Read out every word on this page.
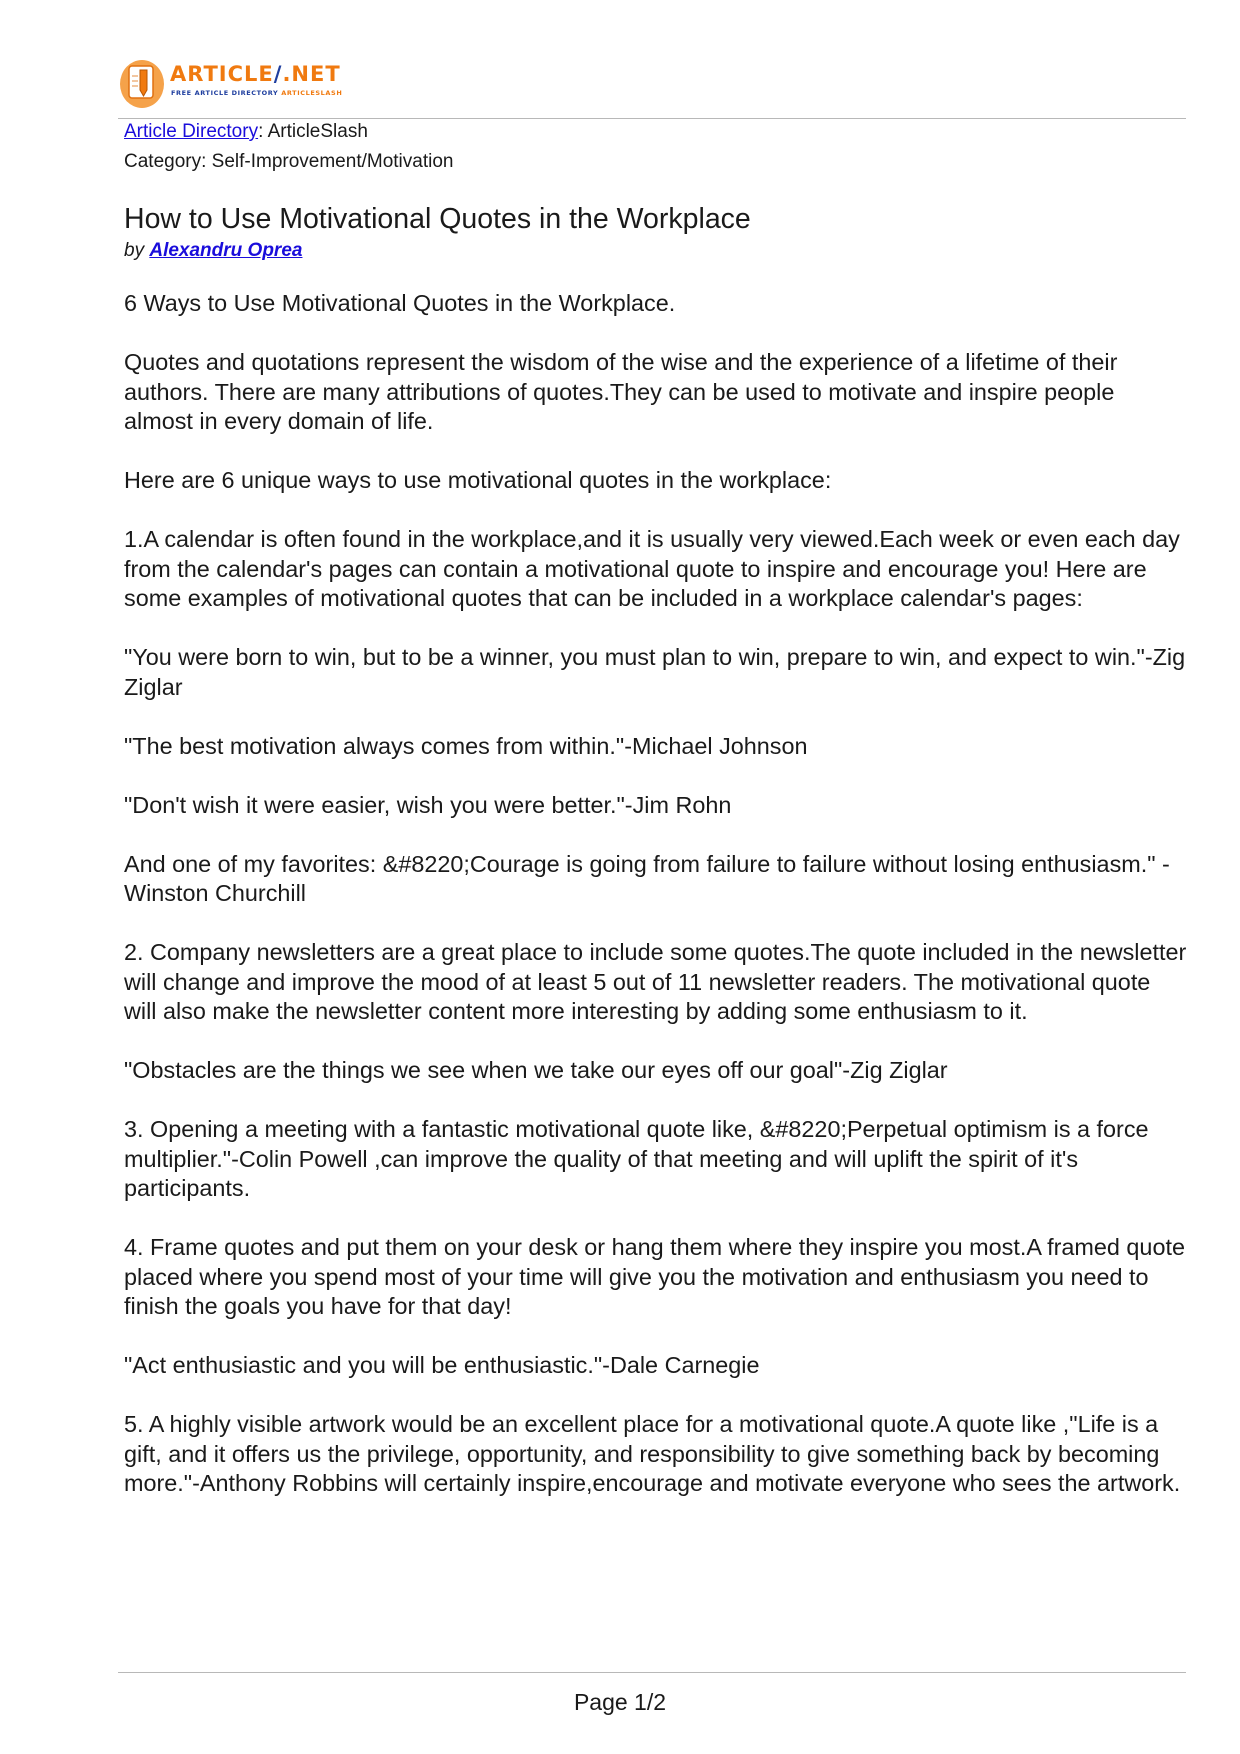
ARTICLE/.NET
FREE ARTICLE DIRECTORY ARTICLESLASH
Article Directory: ArticleSlash
Category: Self-Improvement/Motivation
How to Use Motivational Quotes in the Workplace
by Alexandru Oprea

6 Ways to Use Motivational Quotes in the Workplace.

Quotes and quotations represent the wisdom of the wise and the experience of a lifetime of their authors. There are many attributions of quotes.They can be used to motivate and inspire people almost in every domain of life.

Here are 6 unique ways to use motivational quotes in the workplace:

1.A calendar is often found in the workplace,and it is usually very viewed.Each week or even each day from the calendar's pages can contain a motivational quote to inspire and encourage you! Here are some examples of motivational quotes that can be included in a workplace calendar's pages:

"You were born to win, but to be a winner, you must plan to win, prepare to win, and expect to win."-Zig Ziglar

"The best motivation always comes from within."-Michael Johnson

"Don't wish it were easier, wish you were better."-Jim Rohn

And one of my favorites: &#8220;Courage is going from failure to failure without losing enthusiasm." -Winston Churchill

2. Company newsletters are a great place to include some quotes.The quote included in the newsletter will change and improve the mood of at least 5 out of 11 newsletter readers. The motivational quote will also make the newsletter content more interesting by adding some enthusiasm to it.

"Obstacles are the things we see when we take our eyes off our goal"-Zig Ziglar

3. Opening a meeting with a fantastic motivational quote like, &#8220;Perpetual optimism is a force multiplier."-Colin Powell ,can improve the quality of that meeting and will uplift the spirit of it's participants.

4. Frame quotes and put them on your desk or hang them where they inspire you most.A framed quote placed where you spend most of your time will give you the motivation and enthusiasm you need to finish the goals you have for that day!

"Act enthusiastic and you will be enthusiastic."-Dale Carnegie

5. A highly visible artwork would be an excellent place for a motivational quote.A quote like ,"Life is a gift, and it offers us the privilege, opportunity, and responsibility to give something back by becoming more."-Anthony Robbins will certainly inspire,encourage and motivate everyone who sees the artwork.

Page 1/2
